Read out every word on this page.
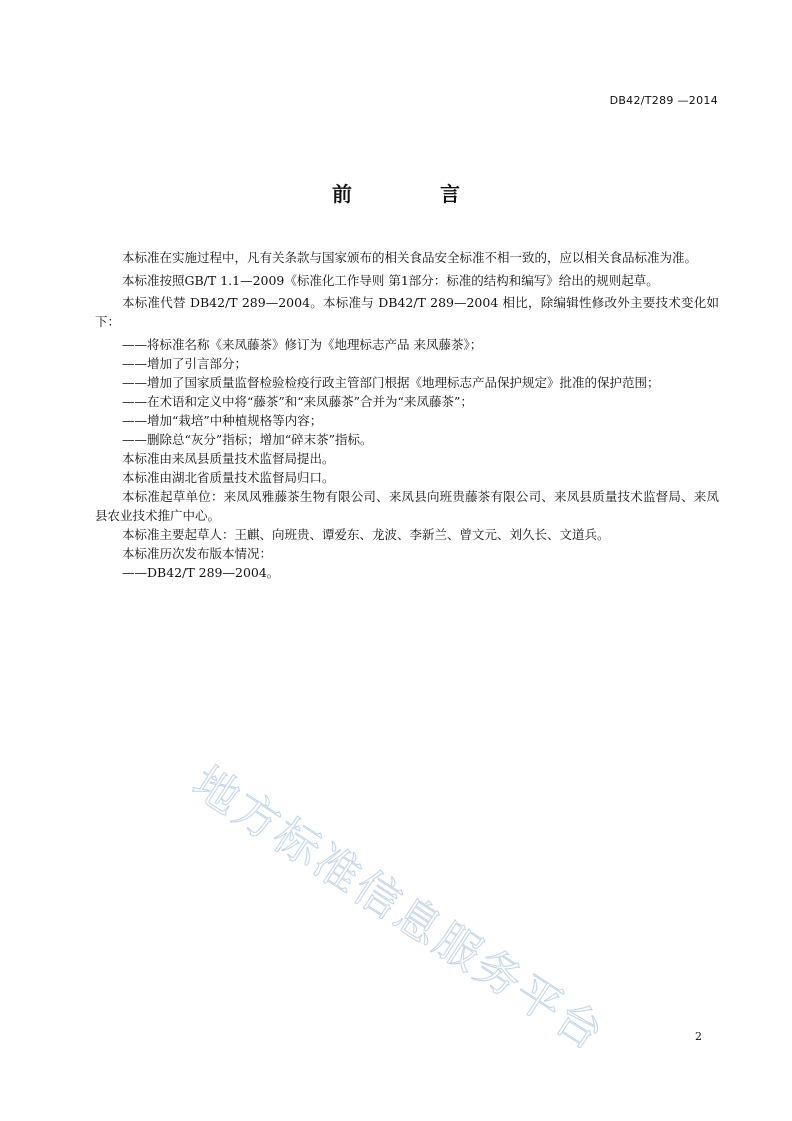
DB42/T289 —2014
前　言

本标准在实施过程中，凡有关条款与国家颁布的相关食品安全标准不相一致的，应以相关食品标准为准。

本标准按照GB/T 1.1—2009《标准化工作导则 第1部分：标准的结构和编写》给出的规则起草。

本标准代替 DB42/T 289—2004。本标准与 DB42/T 289—2004 相比，除编辑性修改外主要技术变化如下：

——将标准名称《来凤藤茶》修订为《地理标志产品 来凤藤茶》；

——增加了引言部分；

——增加了国家质量监督检验检疫行政主管部门根据《地理标志产品保护规定》批准的保护范围；

——在术语和定义中将“藤茶”和“来凤藤茶”合并为“来凤藤茶”；

——增加“栽培”中种植规格等内容；

——删除总“灰分”指标；增加“碎末茶”指标。

本标准由来凤县质量技术监督局提出。

本标准由湖北省质量技术监督局归口。

本标准起草单位：来凤凤雅藤茶生物有限公司、来凤县向班贵藤茶有限公司、来凤县质量技术监督局、来凤县农业技术推广中心。

本标准主要起草人：王麒、向班贵、谭爱东、龙波、李新兰、曾文元、刘久长、文道兵。

本标准历次发布版本情况：

——DB42/T 289—2004。

地方标准信息服务平台	2
